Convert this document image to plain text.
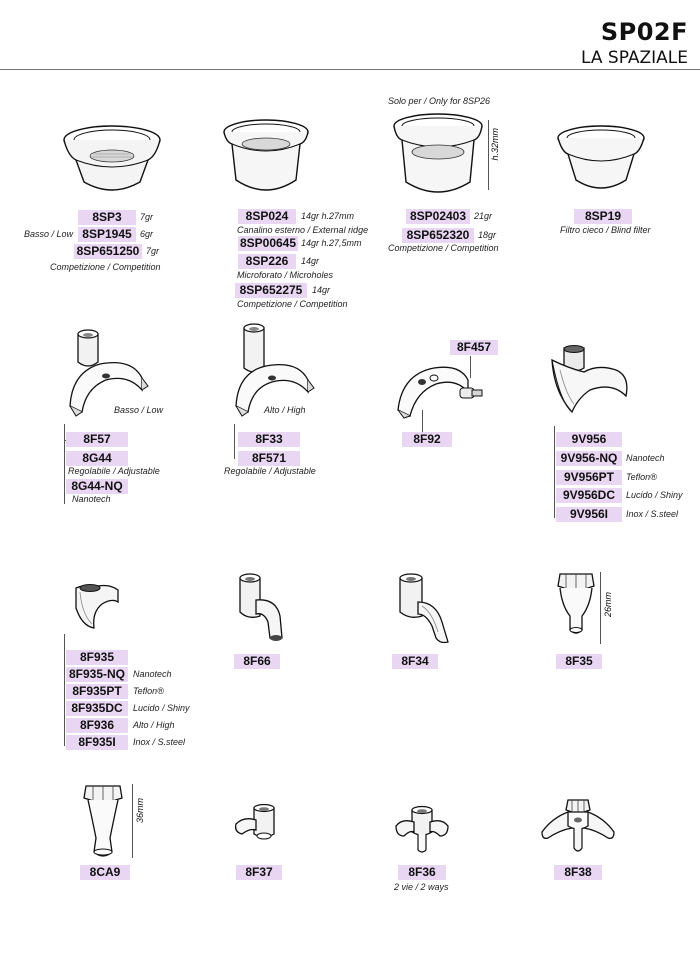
SP02F
LA SPAZIALE
8SP3	7gr
Basso / Low 8SP1945 6gr
8SP651250 7gr
Competizione / Competition
8SP024	14gr h.27mm
Canalino esterno / External ridge
8SP00645 14gr h.27,5mm
8SP226	14gr
Microforato / Microholes
8SP652275	14gr
Competizione / Competition
Solo per / Only for 8SP26
h.32mm
8SP02403 21gr
8SP652320 18gr
Competizione / Competition
8SP19
Filtro cieco / Blind filter
Basso / Low
8F57
8G44
Regolabile / Adjustable
8G44-NQ
Nanotech
Alto / High
8F33
8F571
Regolabile / Adjustable
8F457
8F92	9V956
9V956-NQ Nanotech
9V956PT	Teflon®
9V956DC	Lucido / Shiny
9V956I	Inox / S.steel
8F935
8F935-NQ Nanotech
8F935PT	Teflon®
8F935DC	Lucido / Shiny
8F936	Alto / High
8F935I	Inox / S.steel
8F66	8F34
26mm
8F35
36mm
8CA9	8F37	8F36
2 vie / 2 ways
8F38
